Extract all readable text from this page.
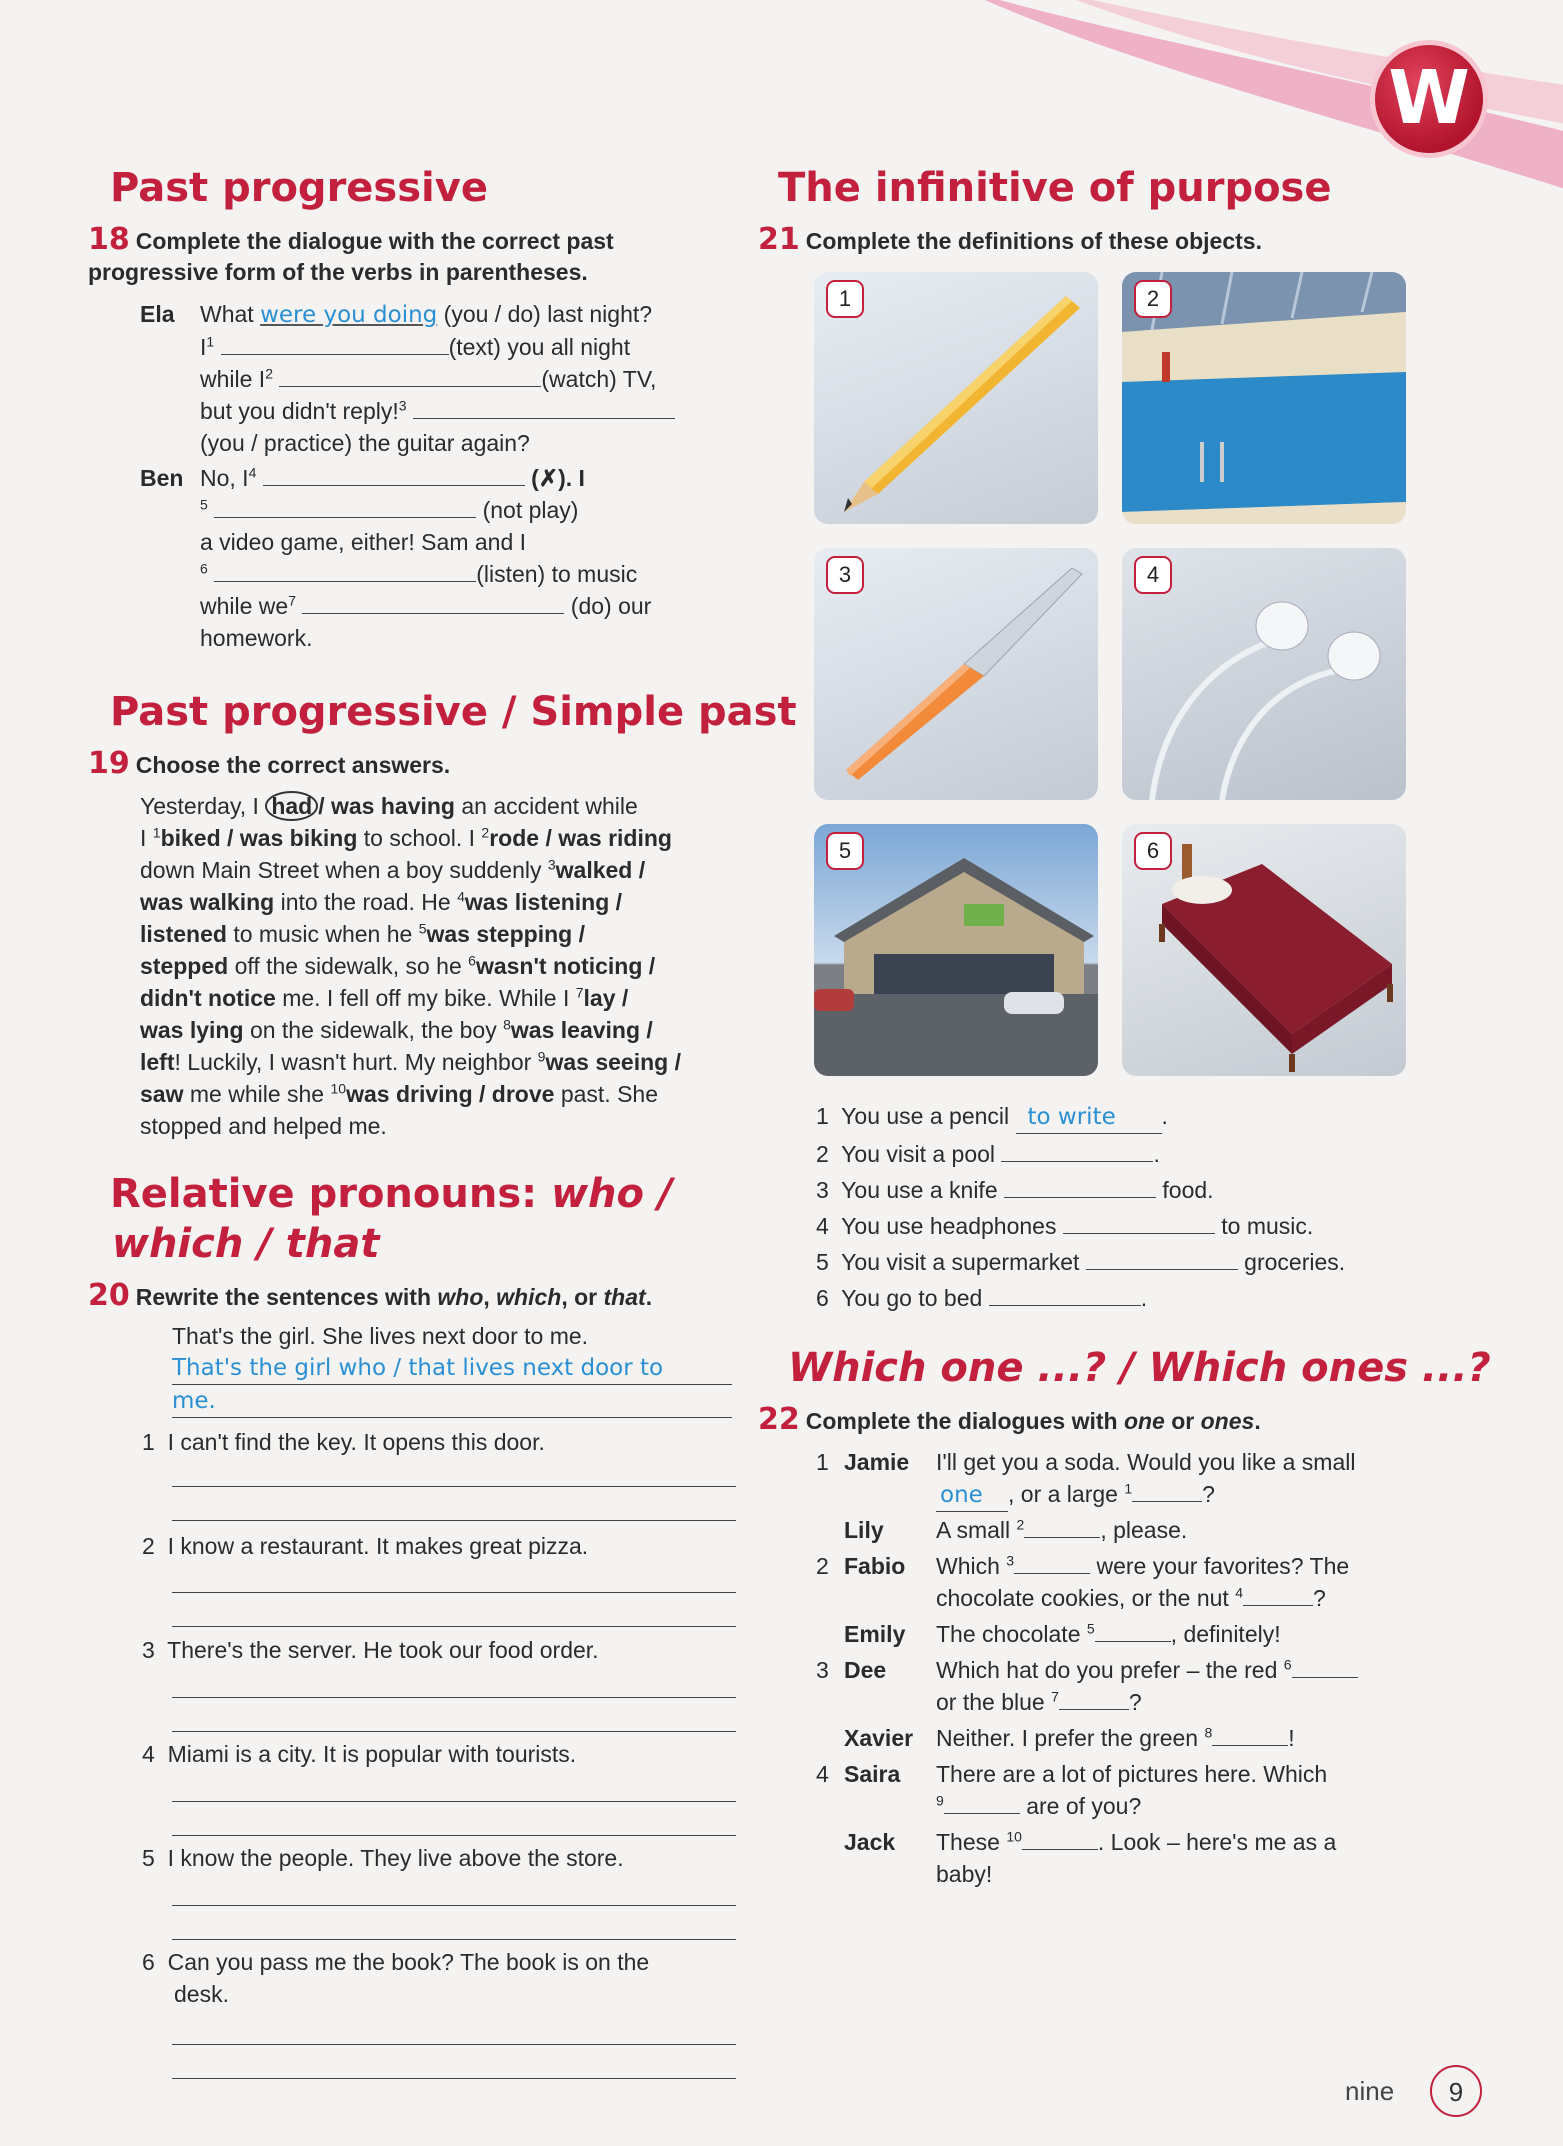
W
Past progressive
18 Complete the dialogue with the correct past progressive form of the verbs in parentheses.
Ela What were you doing (you / do) last night?
$I^1$	(text) you all night
while $I^2$	(watch) TV,
but you didn't reply!$^3$
(you / practice) the guitar again?
Ben No, $I^4$	(✗). I
$^5$	(not play)
a video game, either! Sam and I
$^6$	(listen) to music
while $we^7$	(do) our
homework.
Past progressive / Simple past
19 Choose the correct answers.
Yesterday, I had / was having an accident while
I $^1$biked / was biking to school. I $^2$rode / was riding
down Main Street when a boy suddenly $^3$walked /
was walking into the road. He $^4$was listening /
listened to music when he $^5$was stepping /
stepped off the sidewalk, so he $^6$wasn't noticing /
didn't notice me. I fell off my bike. While I $^7$lay /
was lying on the sidewalk, the boy $^8$was leaving /
left! Luckily, I wasn't hurt. My neighbor $^9$was seeing /
saw me while she $^{10}$was driving / drove past. She
stopped and helped me.
Relative pronouns: who /
which / that
20 Rewrite the sentences with who, which, or that.
That's the girl. She lives next door to me.
That's the girl who / that lives next door to
me.
1 I can't find the key. It opens this door.
2 I know a restaurant. It makes great pizza.
3 There's the server. He took our food order.
4 Miami is a city. It is popular with tourists.
5 I know the people. They live above the store.
6 Can you pass me the book? The book is on the
desk.
The infinitive of purpose
21 Complete the definitions of these objects.
1	2
3	4
5	6
1 You use a pencil to write .
2 You visit a pool	.
3 You use a knife	food.
4 You use headphones	to music.
5 You visit a supermarket	groceries.
6 You go to bed	.
Which one ...? / Which ones ...?
22 Complete the dialogues with one or ones.
1 Jamie I'll get you a soda. Would you like a small
one , or a large $^1$	?
Lily A small $^2$	, please.
2 Fabio Which $^3$	were your favorites? The
chocolate cookies, or the nut $^4$	?
Emily The chocolate $^5$	, definitely!
3 Dee Which hat do you prefer – the red $^6$
or the blue $^7$	?
Xavier Neither. I prefer the green $^8$	!
4 Saira There are a lot of pictures here. Which
$^9$	are of you?
Jack These $^{10}$	. Look – here's me as a
baby!
nine	9
